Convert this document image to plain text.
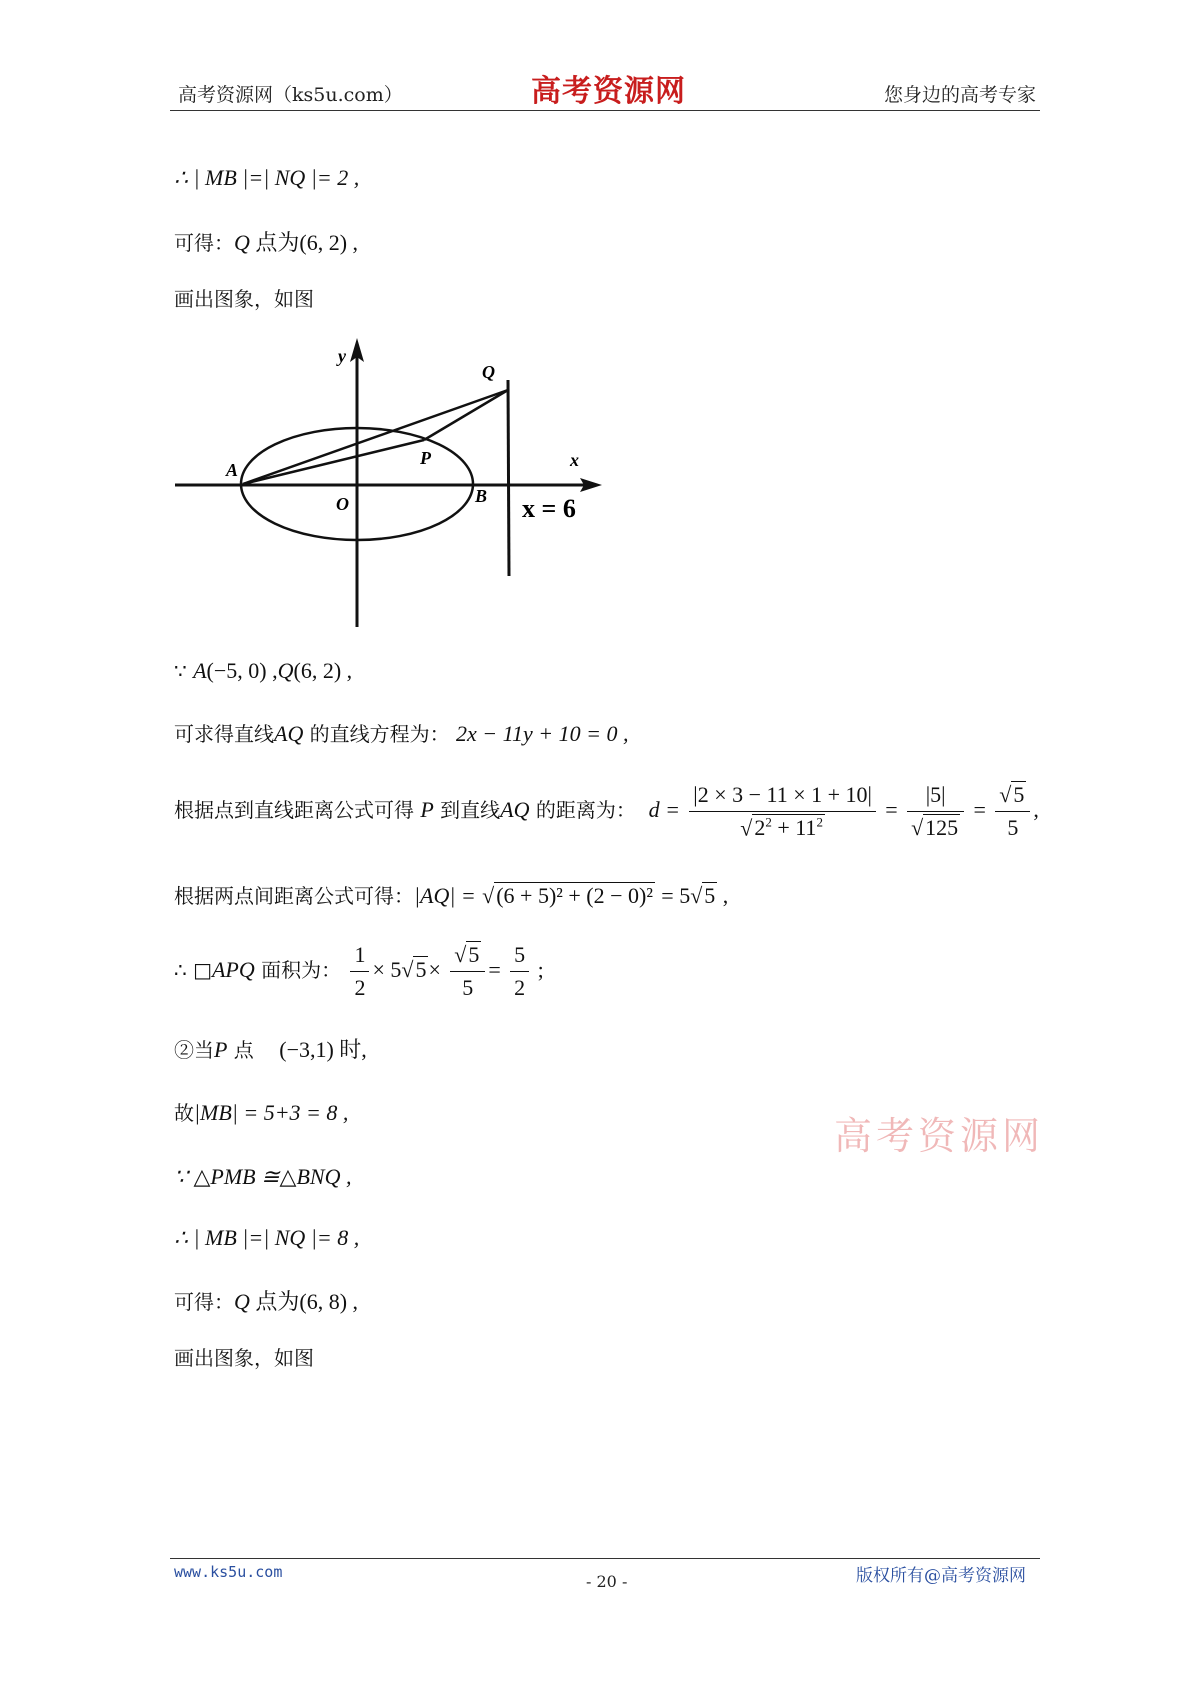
高考资源网（ks5u.com）	高考资源网	您身边的高考专家
∴ | MB |=| NQ |= 2 ,
可得：Q 点为(6, 2) ,
画出图象，如图
y
x
Q
A
P
O	B x = 6
∵ A(−5, 0) ,Q(6, 2) ,
可求得直线AQ 的直线方程为： 2x − 11y + 10 = 0 ,
根据点到直线距离公式可得 P 到直线AQ 的距离为： $d = \frac{|2 \times 3 - 11 \times 1 + 10|}{√2^2 + 11^2} = \frac{|5|}{√125} = \frac{√5}{5}$ ,
根据两点间距离公式可得：|AQ| = √(6 + 5)² + (2 − 0)² = 5√5 ,
∴ □APQ 面积为： $\frac{1}{2} \times 5√5\times \frac{√5}{5} = \frac{5}{2}$ ;
②当P 点 (−3,1) 时,
故|MB| = 5+3 = 8 ,
∵ △PMB ≅△BNQ ,
∴ | MB |=| NQ |= 8 ,
可得：Q 点为(6, 8) ,
画出图象，如图
高考资源网
www.ks5u.com	- 20 -	版权所有@高考资源网
